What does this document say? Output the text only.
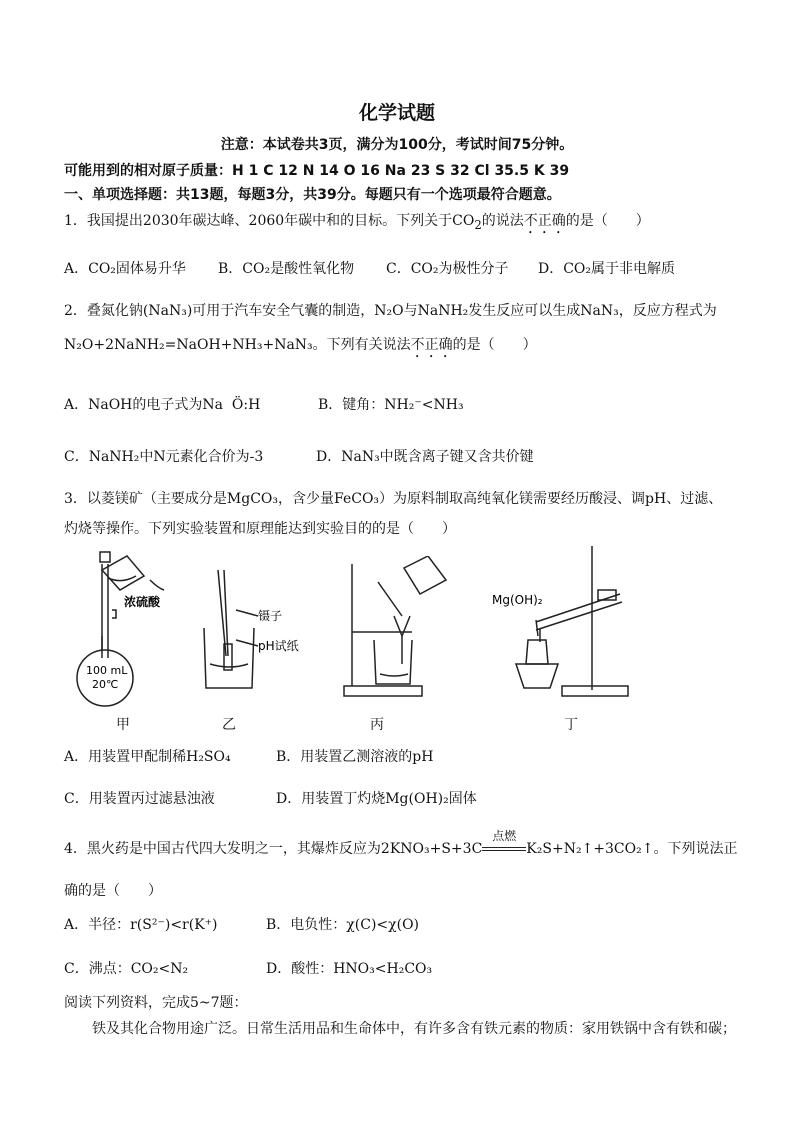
化学试题
注意：本试卷共3页，满分为100分，考试时间75分钟。
可能用到的相对原子质量：H 1 C 12 N 14 O 16 Na 23 S 32 Cl 35.5 K 39
一、单项选择题：共13题，每题3分，共39分。每题只有一个选项最符合题意。
1．我国提出2030年碳达峰、2060年碳中和的目标。下列关于$CO_2$的说法不正确的是（　　）
A．CO₂固体易升华 B．CO₂是酸性氧化物 C．CO₂为极性分子 D．CO₂属于非电解质
2．叠氮化钠(NaN₃)可用于汽车安全气囊的制造，N₂O与NaNH₂发生反应可以生成NaN₃，反应方程式为
N₂O+2NaNH₂=NaOH+NH₃+NaN₃。下列有关说法不正确的是（　　）
A．NaOH的电子式为Na Ö:H	B．键角：NH₂⁻<NH₃
C．NaNH₂中N元素化合价为-3	D．NaN₃中既含离子键又含共价键
3．以菱镁矿（主要成分是MgCO₃，含少量FeCO₃）为原料制取高纯氧化镁需要经历酸浸、调pH、过滤、
灼烧等操作。下列实验装置和原理能达到实验目的的是（　　）
浓硫酸
100 mL
20℃
镊子
pH试纸
Mg(OH)₂
甲	乙	丙	丁
A．用装置甲配制稀H₂SO₄	B．用装置乙测溶液的pH
C．用装置丙过滤悬浊液	D．用装置丁灼烧Mg(OH)₂固体
4．黑火药是中国古代四大发明之一，其爆炸反应为2KNO₃+S+3C
点燃
K₂S+N₂↑+3CO₂↑。下列说法正
确的是（　　）
A．半径：r(S²⁻)<r(K⁺)	B．电负性：χ(C)<χ(O)
C．沸点：CO₂<N₂	D．酸性：HNO₃<H₂CO₃
阅读下列资料，完成5~7题：
铁及其化合物用途广泛。日常生活用品和生命体中，有许多含有铁元素的物质：家用铁锅中含有铁和碳；
